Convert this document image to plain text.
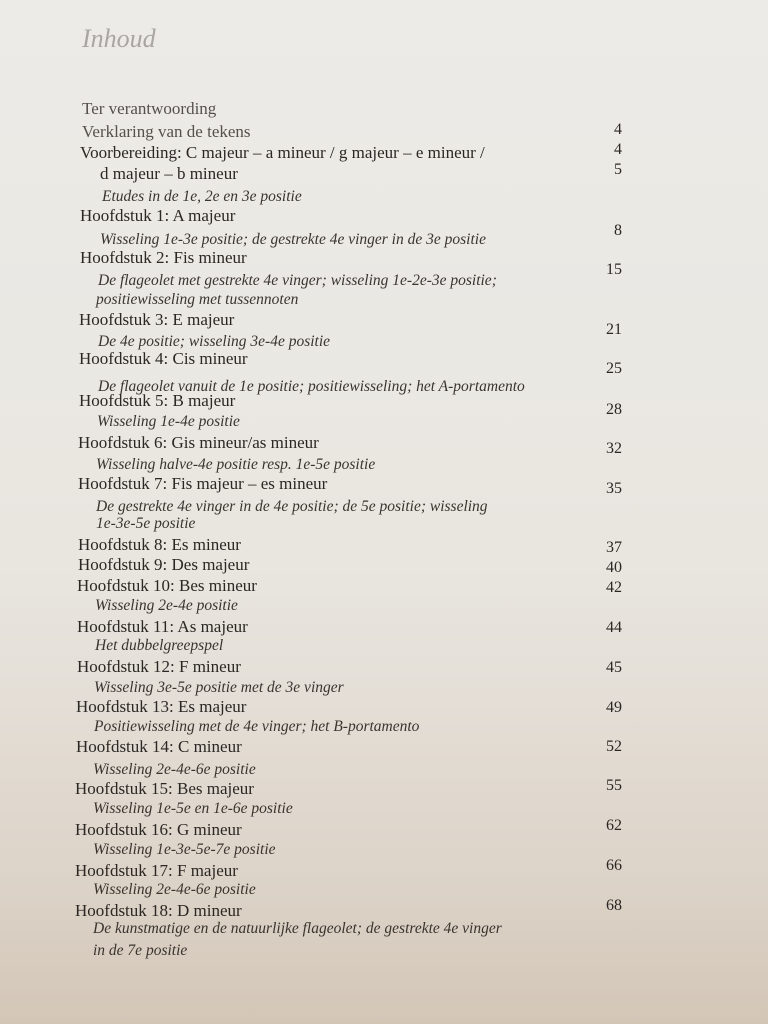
Inhoud
Ter verantwoording
Verklaring van de tekens
Voorbereiding: C majeur – a mineur / g majeur – e mineur /
d majeur – b mineur
Etudes in de 1e, 2e en 3e positie
Hoofdstuk 1: A majeur
Wisseling 1e-3e positie; de gestrekte 4e vinger in de 3e positie
Hoofdstuk 2: Fis mineur
De flageolet met gestrekte 4e vinger; wisseling 1e-2e-3e positie;
positiewisseling met tussennoten
Hoofdstuk 3: E majeur
De 4e positie; wisseling 3e-4e positie
Hoofdstuk 4: Cis mineur
De flageolet vanuit de 1e positie; positiewisseling; het A-portamento
Hoofdstuk 5: B majeur
Wisseling 1e-4e positie
Hoofdstuk 6: Gis mineur/as mineur
Wisseling halve-4e positie resp. 1e-5e positie
Hoofdstuk 7: Fis majeur – es mineur
De gestrekte 4e vinger in de 4e positie; de 5e positie; wisseling
1e-3e-5e positie
Hoofdstuk 8: Es mineur
Hoofdstuk 9: Des majeur
Hoofdstuk 10: Bes mineur
Wisseling 2e-4e positie
Hoofdstuk 11: As majeur
Het dubbelgreepspel
Hoofdstuk 12: F mineur
Wisseling 3e-5e positie met de 3e vinger
Hoofdstuk 13: Es majeur
Positiewisseling met de 4e vinger; het B-portamento
Hoofdstuk 14: C mineur
Wisseling 2e-4e-6e positie
Hoofdstuk 15: Bes majeur
Wisseling 1e-5e en 1e-6e positie
Hoofdstuk 16: G mineur
Wisseling 1e-3e-5e-7e positie
Hoofdstuk 17: F majeur
Wisseling 2e-4e-6e positie
Hoofdstuk 18: D mineur
De kunstmatige en de natuurlijke flageolet; de gestrekte 4e vinger
in de 7e positie
4
4
5
8
15
21
25
28
32
35
37
40
42
44
45
49
52
55
62
66
68
